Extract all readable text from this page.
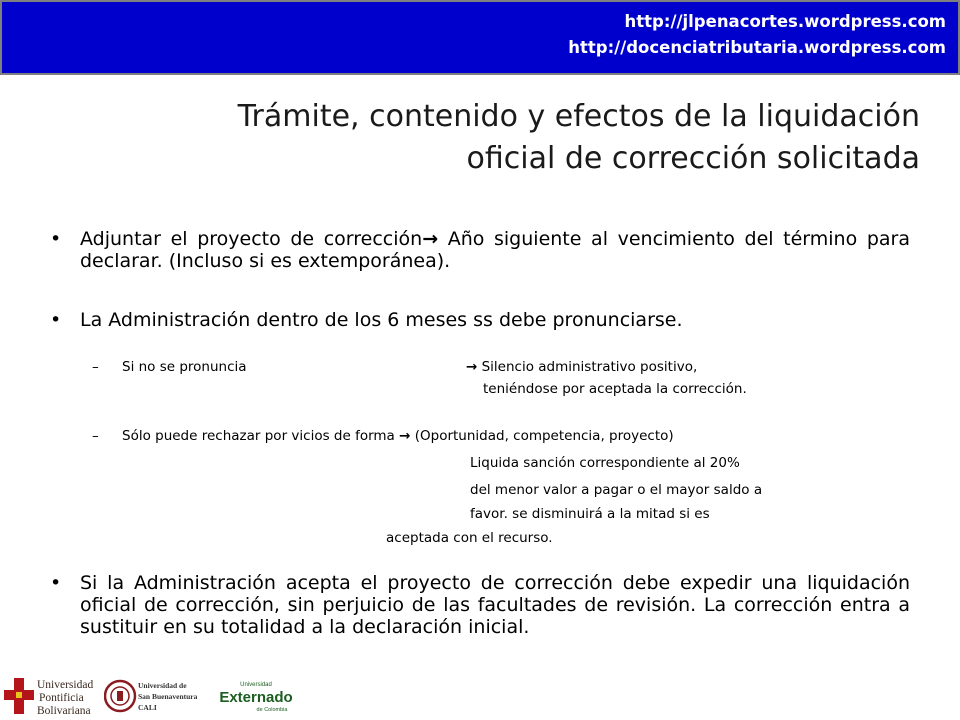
http://jlpenacortes.wordpress.com
http://docenciatributaria.wordpress.com
Trámite, contenido y efectos de la liquidación
oficial de corrección solicitada
• Adjuntar el proyecto de corrección→ Año siguiente al vencimiento del término para declarar. (Incluso si es extemporánea).
• La Administración dentro de los 6 meses ss debe pronunciarse.
– Si no se pronuncia	→ Silencio administrativo positivo,
teniéndose por aceptada la corrección.
– Sólo puede rechazar por vicios de forma → (Oportunidad, competencia, proyecto)
Liquida sanción correspondiente al 20%
del menor valor a pagar o el mayor saldo a
favor. se disminuirá a la mitad si es
aceptada con el recurso.
• Si la Administración acepta el proyecto de corrección debe expedir una liquidación oficial de corrección, sin perjuicio de las facultades de revisión. La corrección entra a sustituir en su totalidad a la declaración inicial.
Universidad
Pontificia
Bolivariana
Universidad de
San Buenaventura
CALI
Universidad
Externado
de Colombia
